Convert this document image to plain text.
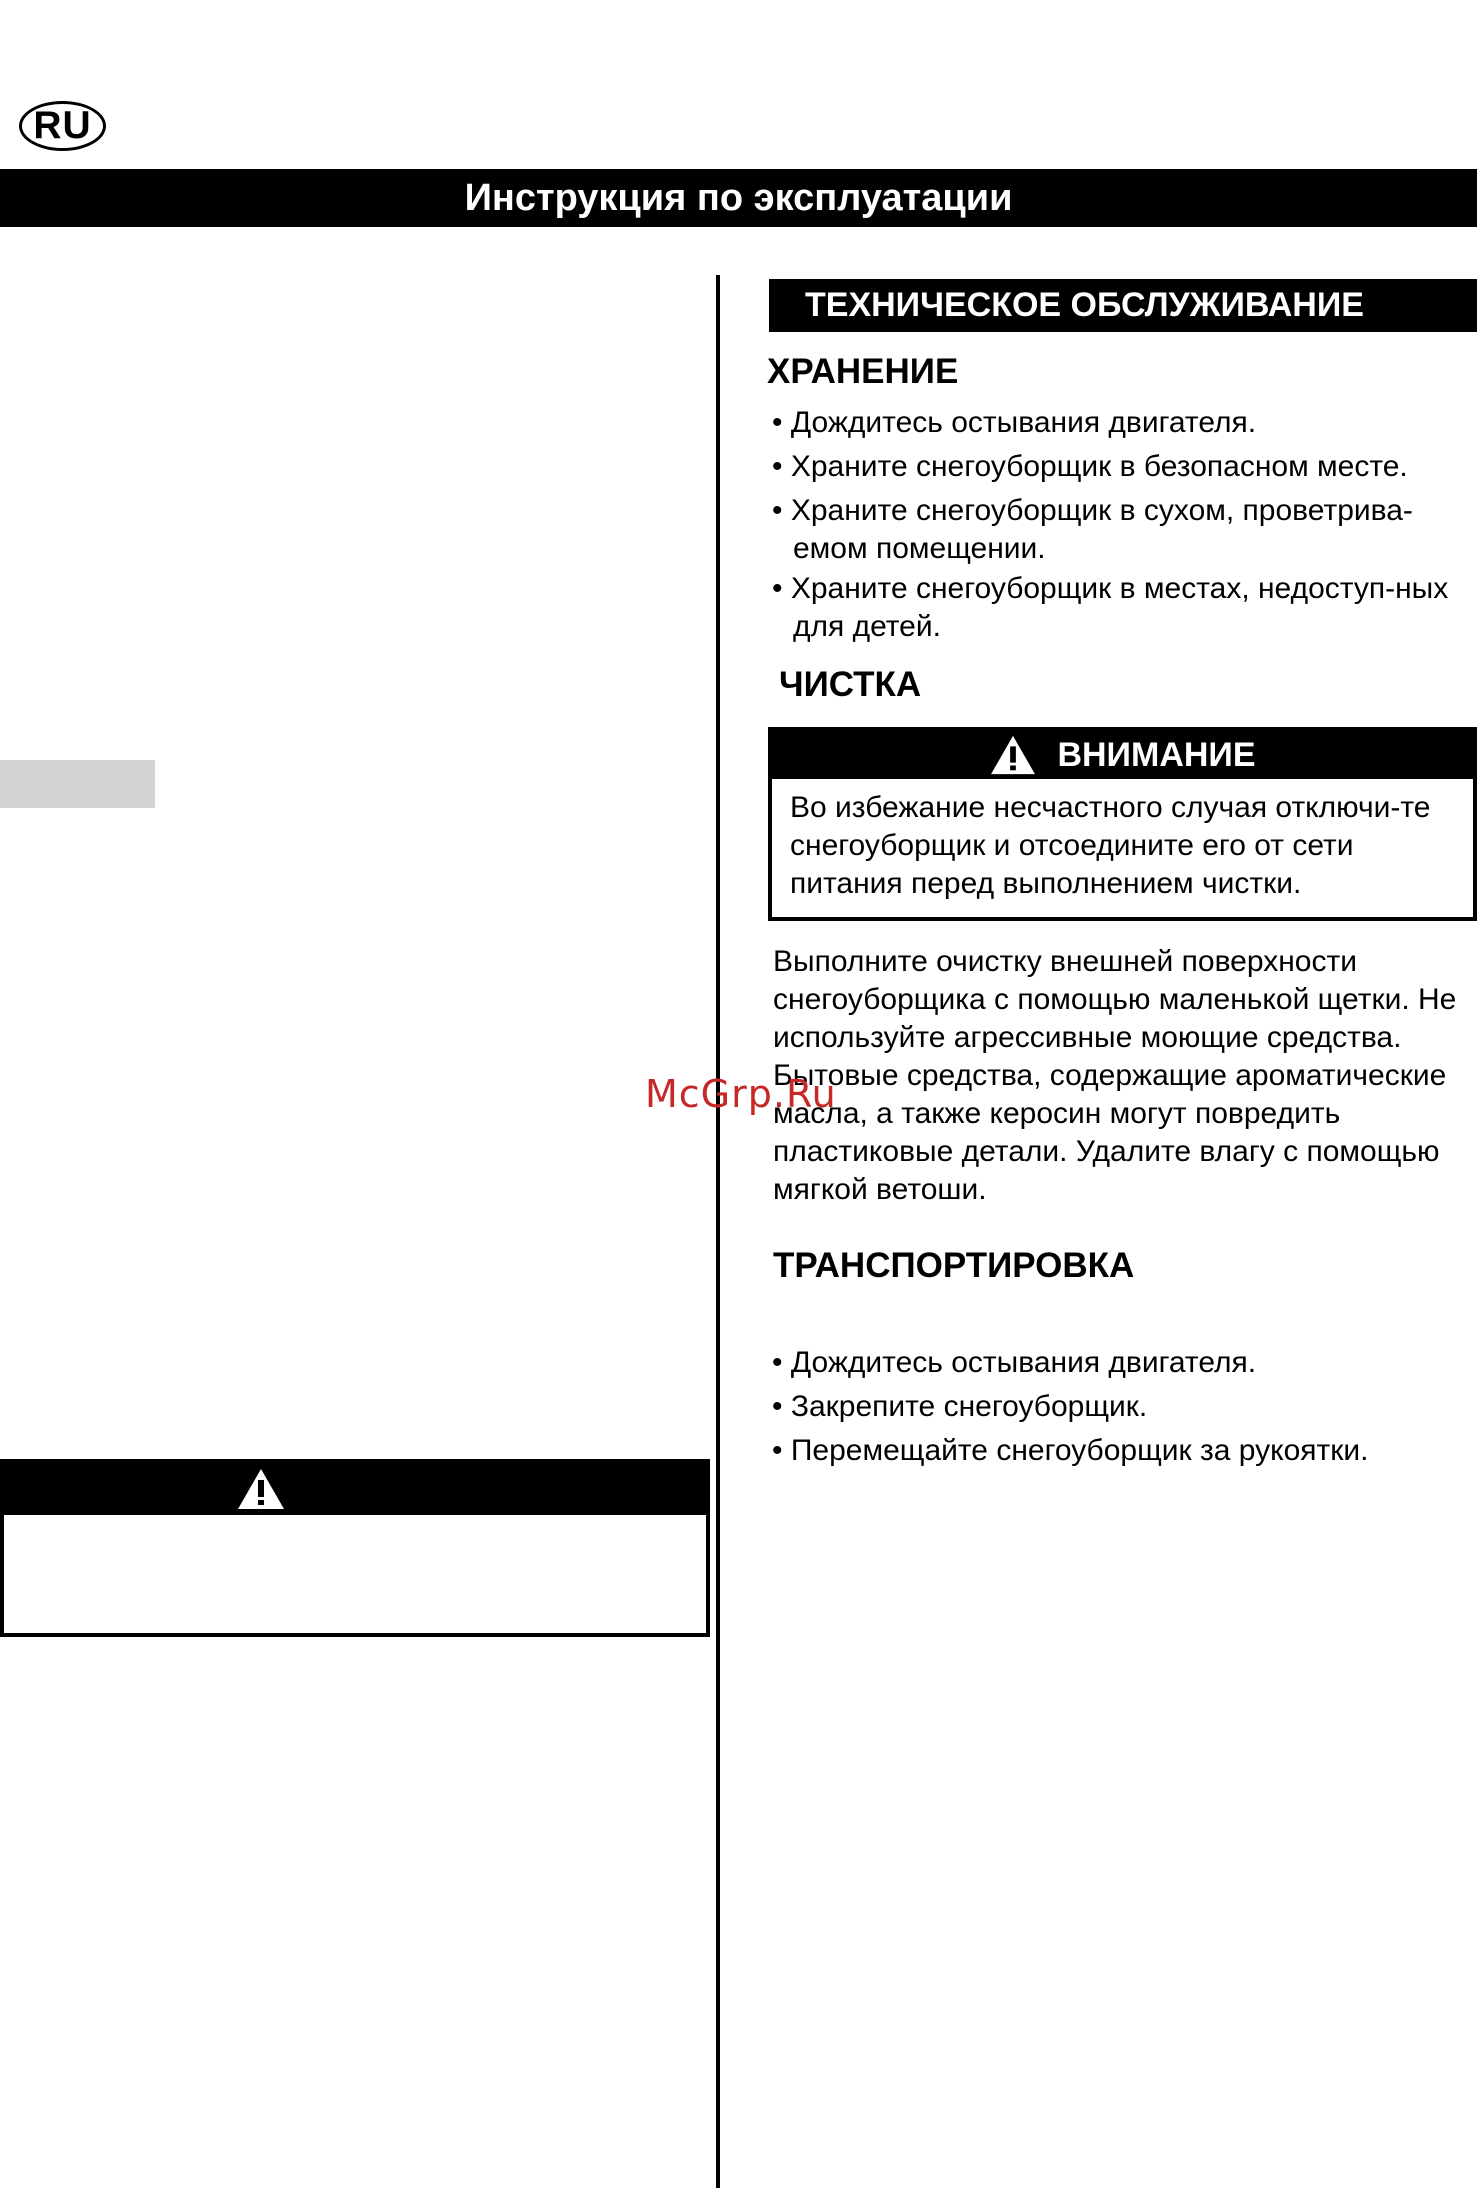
RU
Инструкция по эксплуатации
ТЕХНИЧЕСКОЕ ОБСЛУЖИВАНИЕ
ХРАНЕНИЕ
• Дождитесь остывания двигателя.
• Храните снегоуборщик в безопасном месте.
• Храните снегоуборщик в сухом, проветрива-емом помещении.
• Храните снегоуборщик в местах, недоступ-ных для детей.
ЧИСТКА
ВНИМАНИЕ
Во избежание несчастного случая отключи-те снегоуборщик и отсоедините его от сети питания перед выполнением чистки.
Выполните очистку внешней поверхности снегоуборщика с помощью маленькой щетки. Не используйте агрессивные моющие средства. Бытовые средства, содержащие ароматические масла, а также керосин могут повредить пластиковые детали. Удалите влагу с помощью мягкой ветоши.
ТРАНСПОРТИРОВКА
• Дождитесь остывания двигателя.
• Закрепите снегоуборщик.
• Перемещайте снегоуборщик за рукоятки.
McGrp.Ru
